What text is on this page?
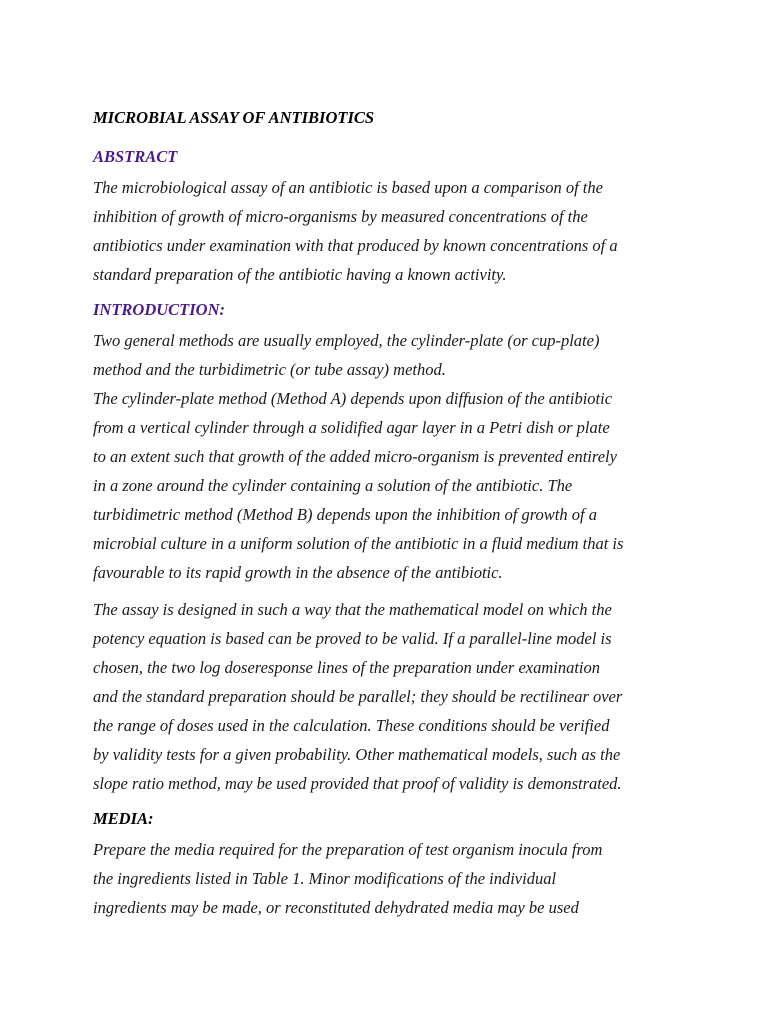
MICROBIAL ASSAY OF ANTIBIOTICS
ABSTRACT

The microbiological assay of an antibiotic is based upon a comparison of the
inhibition of growth of micro-organisms by measured concentrations of the
antibiotics under examination with that produced by known concentrations of a
standard preparation of the antibiotic having a known activity.

INTRODUCTION:

Two general methods are usually employed, the cylinder-plate (or cup-plate)
method and the turbidimetric (or tube assay) method.
The cylinder-plate method (Method A) depends upon diffusion of the antibiotic
from a vertical cylinder through a solidified agar layer in a Petri dish or plate
to an extent such that growth of the added micro-organism is prevented entirely
in a zone around the cylinder containing a solution of the antibiotic. The
turbidimetric method (Method B) depends upon the inhibition of growth of a
microbial culture in a uniform solution of the antibiotic in a fluid medium that is
favourable to its rapid growth in the absence of the antibiotic.

The assay is designed in such a way that the mathematical model on which the
potency equation is based can be proved to be valid. If a parallel-line model is
chosen, the two log doseresponse lines of the preparation under examination
and the standard preparation should be parallel; they should be rectilinear over
the range of doses used in the calculation. These conditions should be verified
by validity tests for a given probability. Other mathematical models, such as the
slope ratio method, may be used provided that proof of validity is demonstrated.

MEDIA:

Prepare the media required for the preparation of test organism inocula from
the ingredients listed in Table 1. Minor modifications of the individual
ingredients may be made, or reconstituted dehydrated media may be used
